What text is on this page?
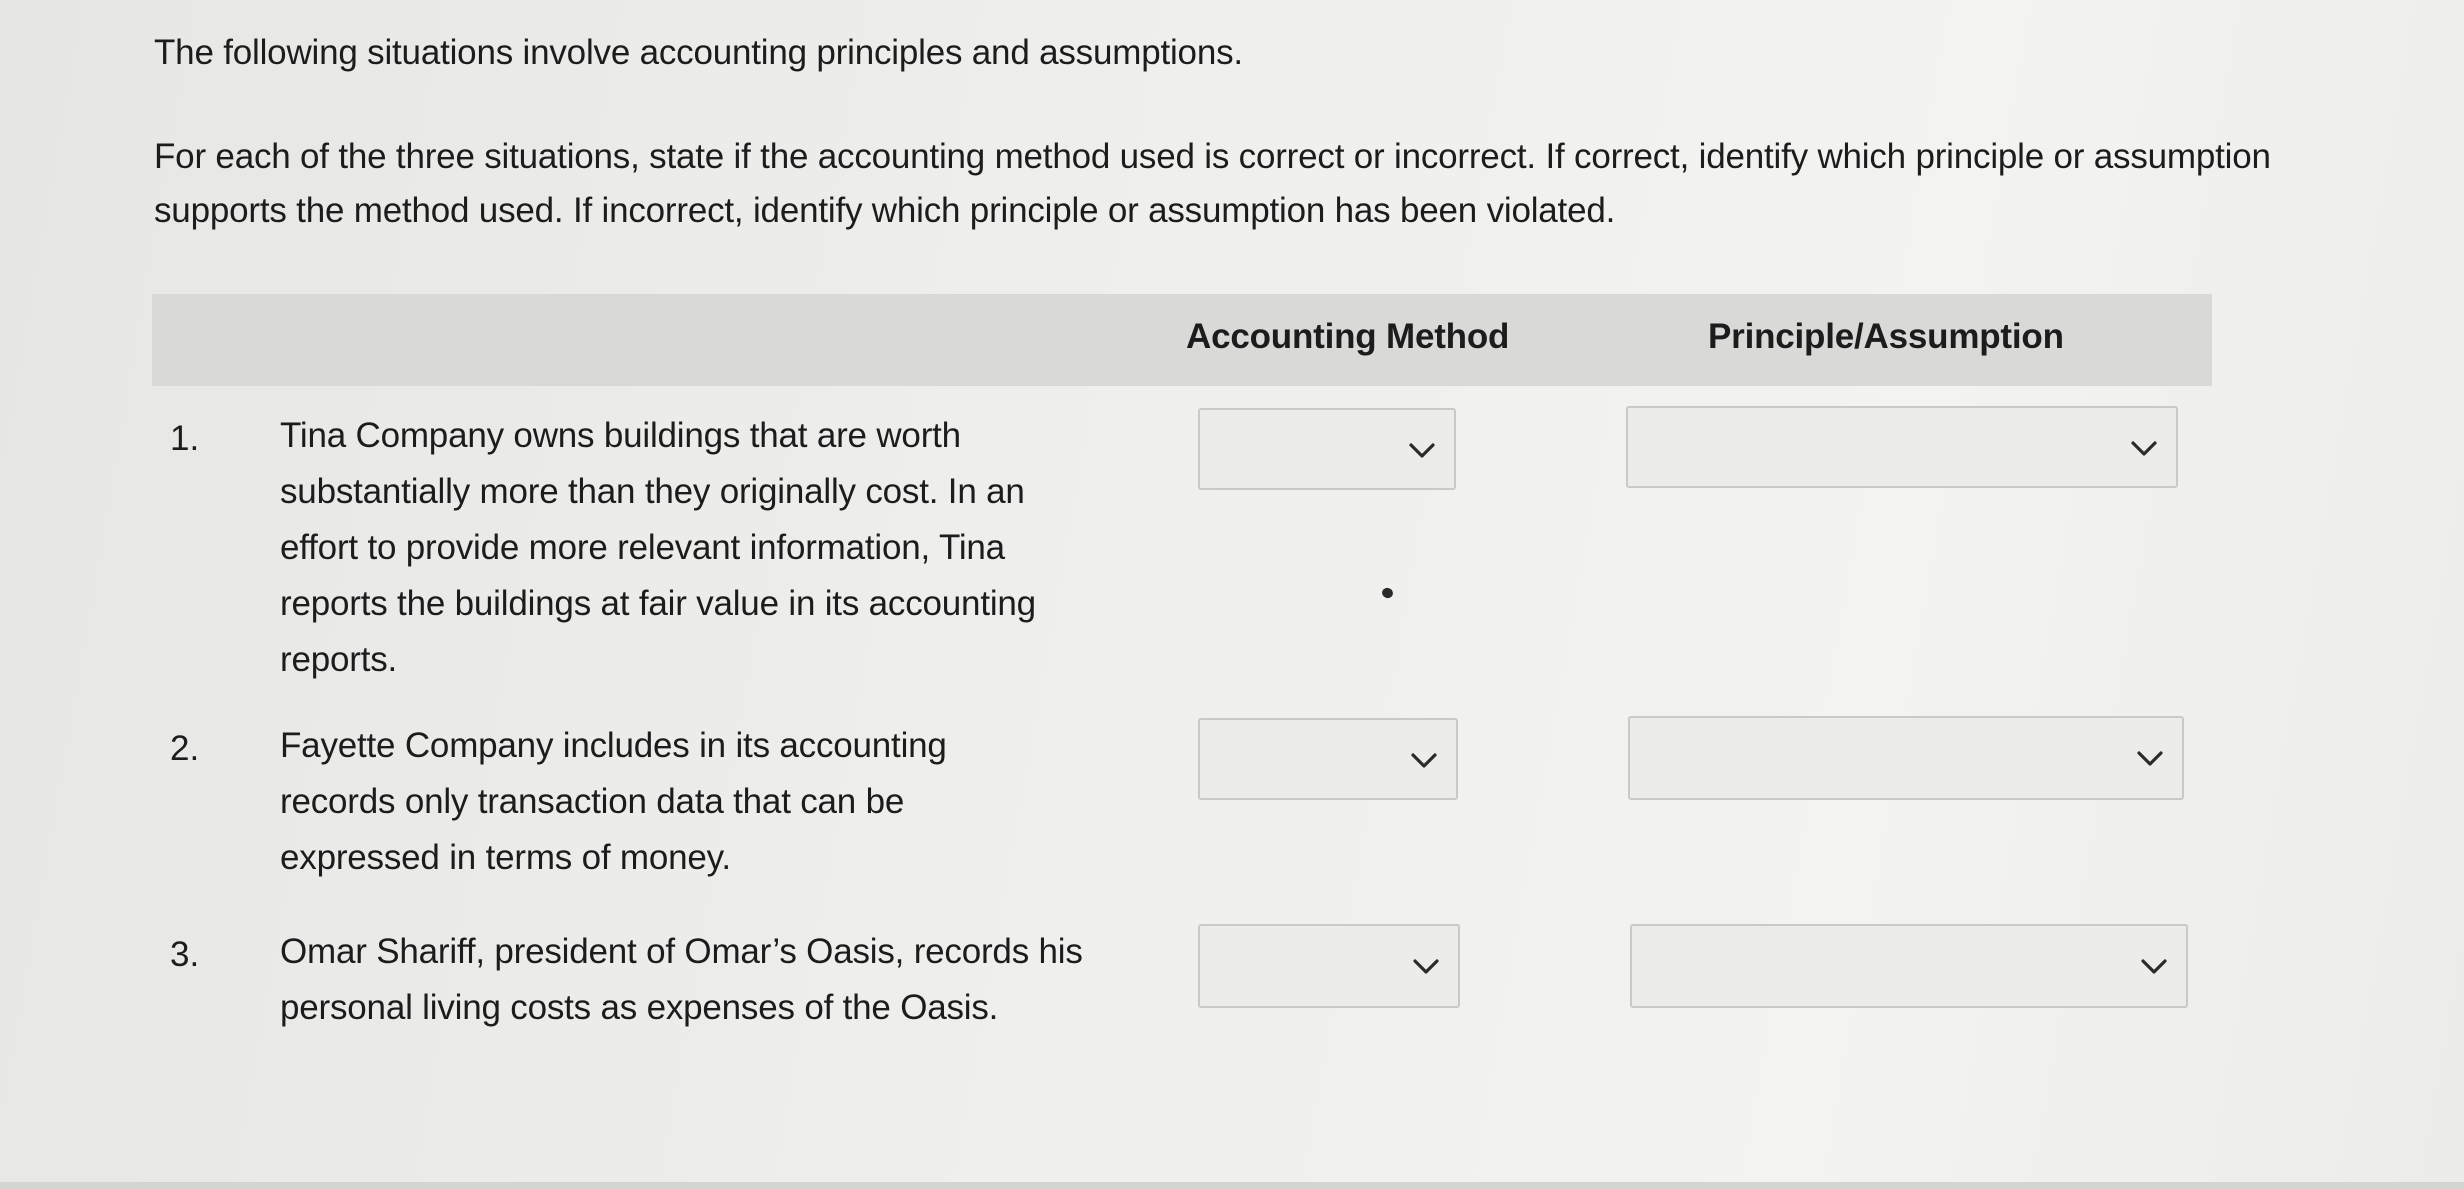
The following situations involve accounting principles and assumptions.
For each of the three situations, state if the accounting method used is correct or incorrect. If correct, identify which principle or assumption supports the method used. If incorrect, identify which principle or assumption has been violated.
Accounting Method	Principle/Assumption
1. Tina Company owns buildings that are worth substantially more than they originally cost. In an effort to provide more relevant information, Tina reports the buildings at fair value in its accounting reports.
2. Fayette Company includes in its accounting records only transaction data that can be expressed in terms of money.
3. Omar Shariff, president of Omar’s Oasis, records his personal living costs as expenses of the Oasis.
